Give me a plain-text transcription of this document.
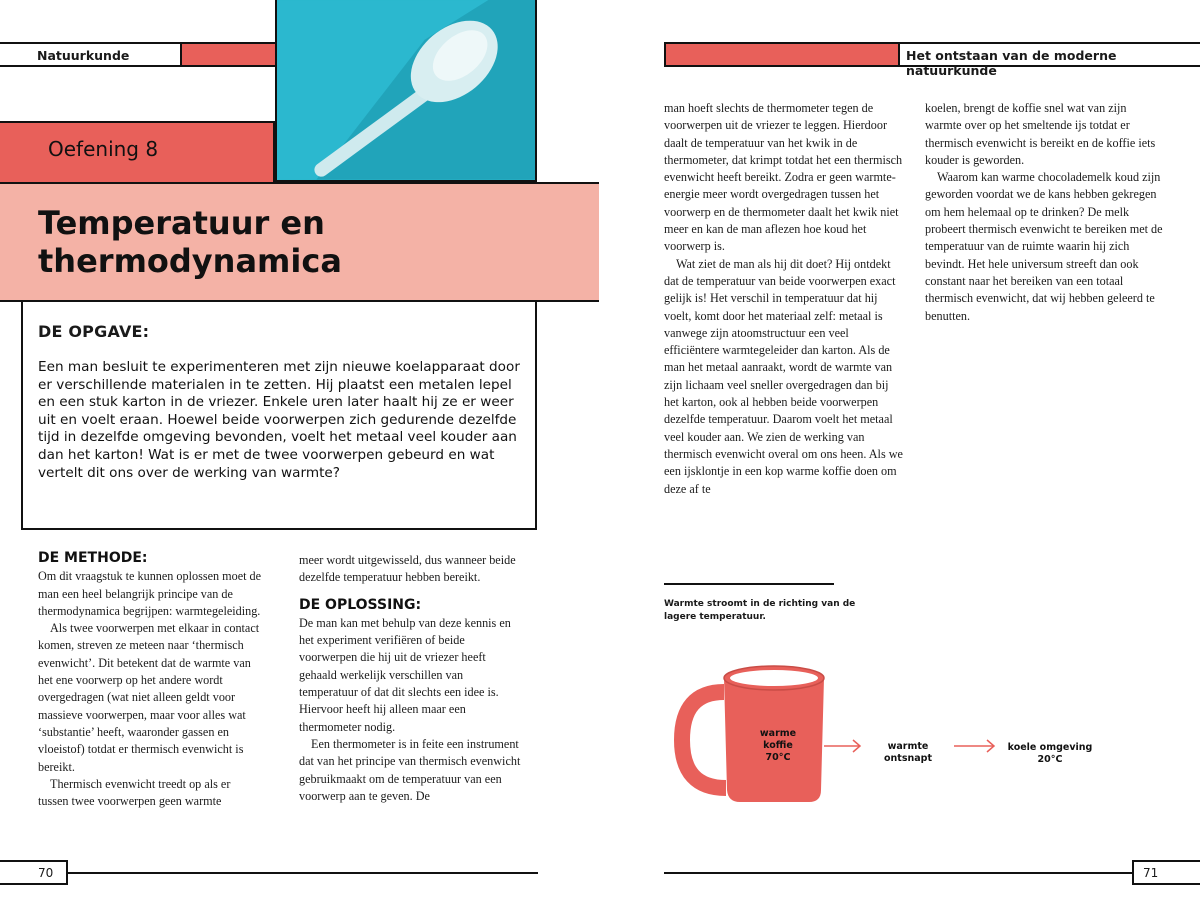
Natuurkunde	Het ontstaan van de moderne natuurkunde
Oefening 8
Temperatuur en
thermodynamica
DE OPGAVE:
Een man besluit te experimenteren met zijn nieuwe koelapparaat door er verschillende materialen in te zetten. Hij plaatst een metalen lepel en een stuk karton in de vriezer. Enkele uren later haalt hij ze er weer uit en voelt eraan. Hoewel beide voorwerpen zich gedurende dezelfde tijd in dezelfde omgeving bevonden, voelt het metaal veel kouder aan dan het karton! Wat is er met de twee voorwerpen gebeurd en wat vertelt dit ons over de werking van warmte?
DE METHODE:

Om dit vraagstuk te kunnen oplossen moet de man een heel belangrijk principe van de thermodynamica begrijpen: warmtegeleiding.

Als twee voorwerpen met elkaar in contact komen, streven ze meteen naar ‘thermisch evenwicht’. Dit betekent dat de warmte van het ene voorwerp op het andere wordt overgedragen (wat niet alleen geldt voor massieve voorwerpen, maar voor alles wat ‘substantie’ heeft, waaronder gassen en vloeistof) totdat er thermisch evenwicht is bereikt.

Thermisch evenwicht treedt op als er tussen twee voorwerpen geen warmte

meer wordt uitgewisseld, dus wanneer beide dezelfde temperatuur hebben bereikt.

DE OPLOSSING:

De man kan met behulp van deze kennis en het experiment verifiëren of beide voorwerpen die hij uit de vriezer heeft gehaald werkelijk verschillen van temperatuur of dat dit slechts een idee is. Hiervoor heeft hij alleen maar een thermometer nodig.

Een thermometer is in feite een instrument dat van het principe van thermisch evenwicht gebruikmaakt om de temperatuur van een voorwerp aan te geven. De

man hoeft slechts de thermometer tegen de voorwerpen uit de vriezer te leggen. Hierdoor daalt de temperatuur van het kwik in de thermometer, dat krimpt totdat het een thermisch evenwicht heeft bereikt. Zodra er geen warmte-energie meer wordt overgedragen tussen het voorwerp en de thermometer daalt het kwik niet meer en kan de man aflezen hoe koud het voorwerp is.

Wat ziet de man als hij dit doet? Hij ontdekt dat de temperatuur van beide voorwerpen exact gelijk is! Het verschil in temperatuur dat hij voelt, komt door het materiaal zelf: metaal is vanwege zijn atoomstructuur een veel efficiëntere warmtegeleider dan karton. Als de man het metaal aanraakt, wordt de warmte van zijn lichaam veel sneller overgedragen dan bij het karton, ook al hebben beide voorwerpen dezelfde temperatuur. Daarom voelt het metaal veel kouder aan. We zien de werking van thermisch evenwicht overal om ons heen. Als we een ijsklontje in een kop warme koffie doen om deze af te

koelen, brengt de koffie snel wat van zijn warmte over op het smeltende ijs totdat er thermisch evenwicht is bereikt en de koffie iets kouder is geworden.

Waarom kan warme chocolademelk koud zijn geworden voordat we de kans hebben gekregen om hem helemaal op te drinken? De melk probeert thermisch evenwicht te bereiken met de temperatuur van de ruimte waarin hij zich bevindt. Het hele universum streeft dan ook constant naar het bereiken van een totaal thermisch evenwicht, dat wij hebben geleerd te benutten.

Warmte stroomt in de richting van de lagere temperatuur.
warme
koffie
70°C
warmte
ontsnapt
koele omgeving
20°C
70	71
